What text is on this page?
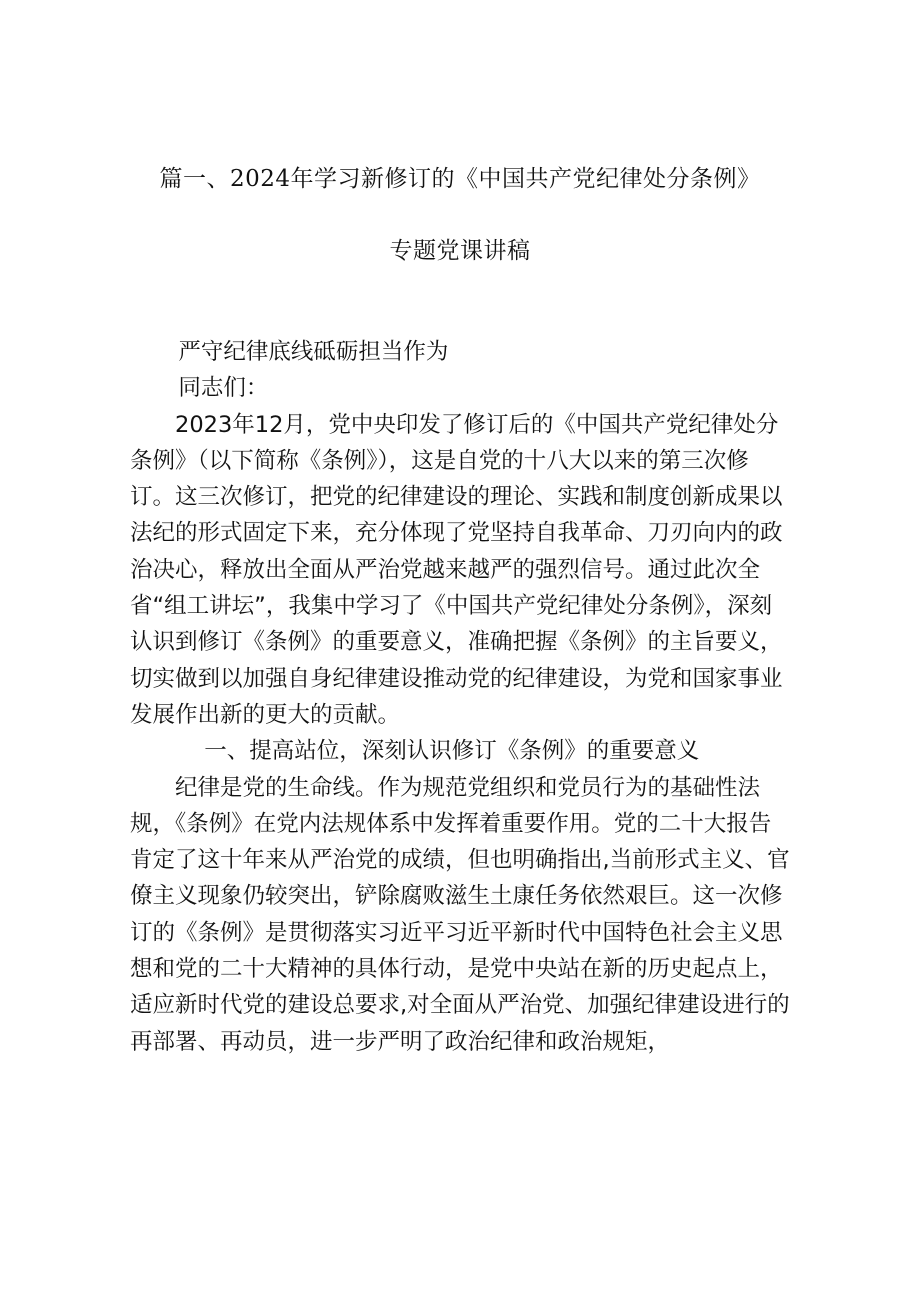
篇一、2024年学习新修订的《中国共产党纪律处分条例》
专题党课讲稿

严守纪律底线砥砺担当作为

同志们：

2023年12月，党中央印发了修订后的《中国共产党纪律处分条例》（以下简称《条例》），这是自党的十八大以来的第三次修订。这三次修订，把党的纪律建设的理论、实践和制度创新成果以法纪的形式固定下来，充分体现了党坚持自我革命、刀刃向内的政治决心，释放出全面从严治党越来越严的强烈信号。通过此次全省“组工讲坛”，我集中学习了《中国共产党纪律处分条例》，深刻认识到修订《条例》的重要意义，准确把握《条例》的主旨要义，切实做到以加强自身纪律建设推动党的纪律建设，为党和国家事业发展作出新的更大的贡献。

一、提高站位，深刻认识修订《条例》的重要意义

纪律是党的生命线。作为规范党组织和党员行为的基础性法规，《条例》在党内法规体系中发挥着重要作用。党的二十大报告肯定了这十年来从严治党的成绩，但也明确指出,当前形式主义、官僚主义现象仍较突出，铲除腐败滋生土康任务依然艰巨。这一次修订的《条例》是贯彻落实习近平习近平新时代中国特色社会主义思想和党的二十大精神的具体行动，是党中央站在新的历史起点上，适应新时代党的建设总要求,对全面从严治党、加强纪律建设进行的再部署、再动员，进一步严明了政治纪律和政治规矩，
